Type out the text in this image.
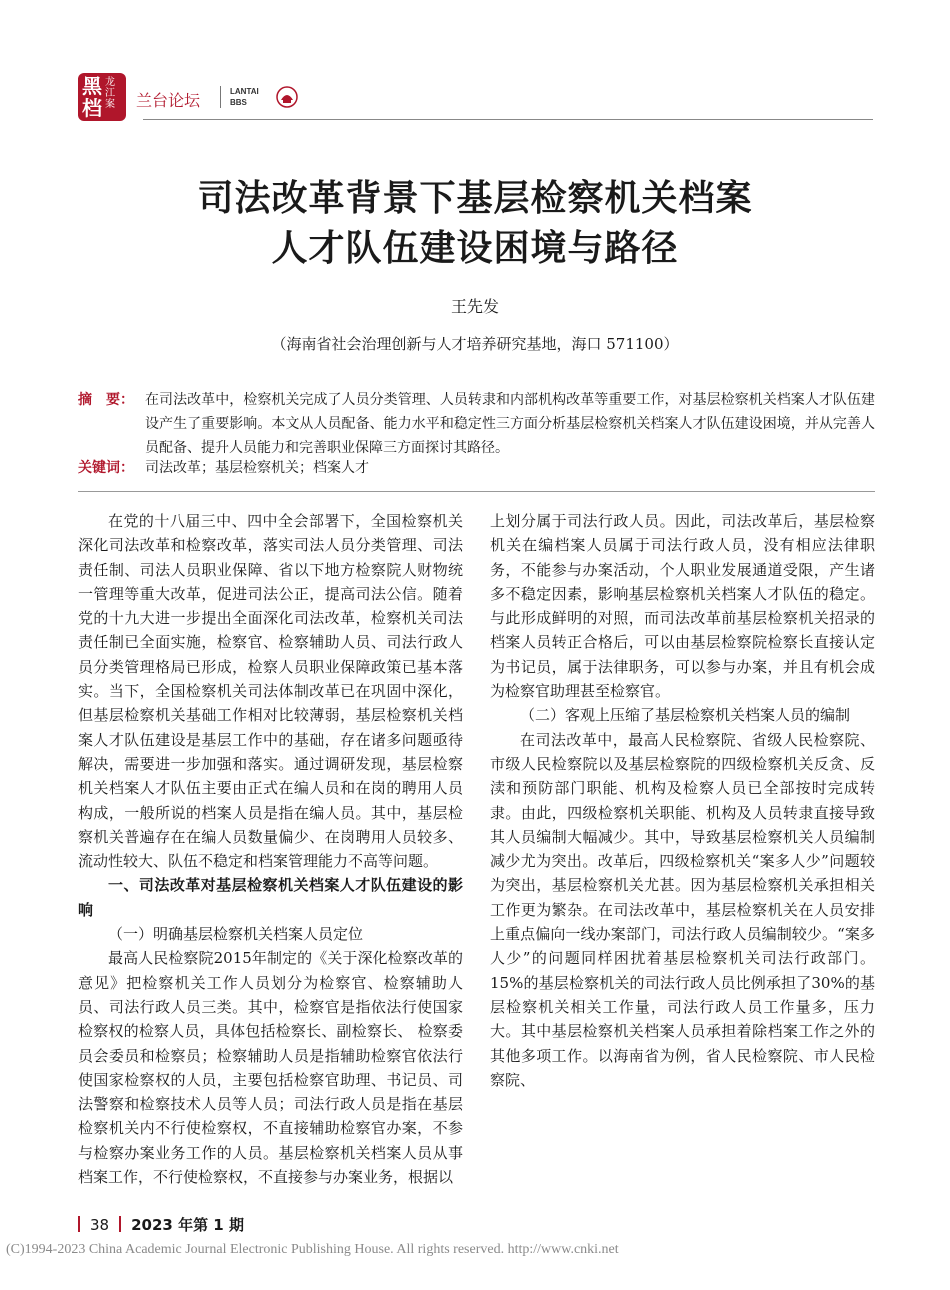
黑
档
龙江案	兰台论坛	LANTAI
BBS
司法改革背景下基层检察机关档案
人才队伍建设困境与路径
王先发
（海南省社会治理创新与人才培养研究基地，海口 571100）
摘　要： 在司法改革中，检察机关完成了人员分类管理、人员转隶和内部机构改革等重要工作，对基层检察机关档案人才队伍建设产生了重要影响。本文从人员配备、能力水平和稳定性三方面分析基层检察机关档案人才队伍建设困境，并从完善人员配备、提升人员能力和完善职业保障三方面探讨其路径。
关键词： 司法改革；基层检察机关；档案人才

在党的十八届三中、四中全会部署下，全国检察机关深化司法改革和检察改革，落实司法人员分类管理、司法责任制、司法人员职业保障、省以下地方检察院人财物统一管理等重大改革，促进司法公正，提高司法公信。随着党的十九大进一步提出全面深化司法改革，检察机关司法责任制已全面实施，检察官、检察辅助人员、司法行政人员分类管理格局已形成，检察人员职业保障政策已基本落实。当下，全国检察机关司法体制改革已在巩固中深化，但基层检察机关基础工作相对比较薄弱，基层检察机关档案人才队伍建设是基层工作中的基础，存在诸多问题亟待解决，需要进一步加强和落实。通过调研发现，基层检察机关档案人才队伍主要由正式在编人员和在岗的聘用人员构成，一般所说的档案人员是指在编人员。其中，基层检察机关普遍存在在编人员数量偏少、在岗聘用人员较多、流动性较大、队伍不稳定和档案管理能力不高等问题。

一、司法改革对基层检察机关档案人才队伍建设的影响

（一）明确基层检察机关档案人员定位

最高人民检察院2015年制定的《关于深化检察改革的意见》把检察机关工作人员划分为检察官、检察辅助人员、司法行政人员三类。其中，检察官是指依法行使国家检察权的检察人员，具体包括检察长、副检察长、 检察委员会委员和检察员；检察辅助人员是指辅助检察官依法行使国家检察权的人员，主要包括检察官助理、书记员、司法警察和检察技术人员等人员；司法行政人员是指在基层检察机关内不行使检察权，不直接辅助检察官办案，不参与检察办案业务工作的人员。基层检察机关档案人员从事档案工作，不行使检察权，不直接参与办案业务，根据以

上划分属于司法行政人员。因此，司法改革后，基层检察机关在编档案人员属于司法行政人员，没有相应法律职务，不能参与办案活动，个人职业发展通道受限，产生诸多不稳定因素，影响基层检察机关档案人才队伍的稳定。与此形成鲜明的对照，而司法改革前基层检察机关招录的档案人员转正合格后，可以由基层检察院检察长直接认定为书记员，属于法律职务，可以参与办案，并且有机会成为检察官助理甚至检察官。

（二）客观上压缩了基层检察机关档案人员的编制

在司法改革中，最高人民检察院、省级人民检察院、市级人民检察院以及基层检察院的四级检察机关反贪、反渎和预防部门职能、机构及检察人员已全部按时完成转隶。由此，四级检察机关职能、机构及人员转隶直接导致其人员编制大幅减少。其中，导致基层检察机关人员编制减少尤为突出。改革后，四级检察机关“案多人少”问题较为突出，基层检察机关尤甚。因为基层检察机关承担相关工作更为繁杂。在司法改革中，基层检察机关在人员安排上重点偏向一线办案部门，司法行政人员编制较少。“案多人少”的问题同样困扰着基层检察机关司法行政部门。15%的基层检察机关的司法行政人员比例承担了30%的基层检察机关相关工作量，司法行政人员工作量多，压力大。其中基层检察机关档案人员承担着除档案工作之外的其他多项工作。以海南省为例，省人民检察院、市人民检察院、

38 2023 年第 1 期
(C)1994-2023 China Academic Journal Electronic Publishing House. All rights reserved. http://www.cnki.net
